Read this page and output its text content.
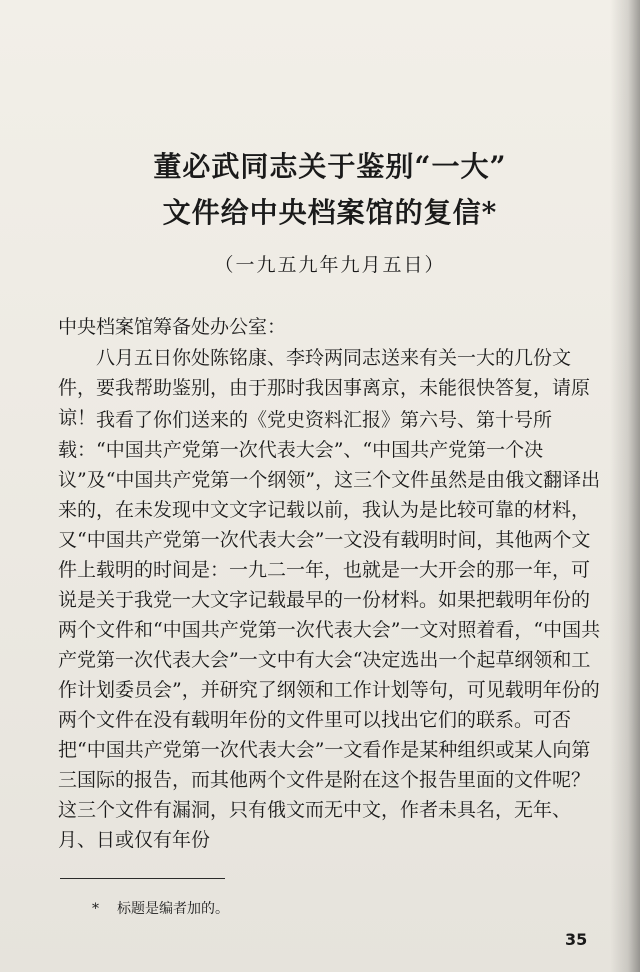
董必武同志关于鉴别“一大”
文件给中央档案馆的复信*
（一九五九年九月五日）
中央档案馆筹备处办公室：
八月五日你处陈铭康、李玲两同志送来有关一大的几份文件，要我帮助鉴别，由于那时我因事离京，未能很快答复，请原谅！ 我看了你们送来的《党史资料汇报》第六号、第十号所载：“中国共产党第一次代表大会”、“中国共产党第一个决议”及“中国共产党第一个纲领”，这三个文件虽然是由俄文翻译出来的，在未发现中文文字记载以前，我认为是比较可靠的材料，又“中国共产党第一次代表大会”一文没有载明时间，其他两个文件上载明的时间是：一九二一年，也就是一大开会的那一年，可说是关于我党一大文字记载最早的一份材料。如果把载明年份的两个文件和“中国共产党第一次代表大会”一文对照着看，“中国共产党第一次代表大会”一文中有大会“决定选出一个起草纲领和工作计划委员会”，并研究了纲领和工作计划等句，可见载明年份的两个文件在没有载明年份的文件里可以找出它们的联系。可否把“中国共产党第一次代表大会”一文看作是某种组织或某人向第三国际的报告，而其他两个文件是附在这个报告里面的文件呢？这三个文件有漏洞，只有俄文而无中文，作者未具名，无年、月、日或仅有年份
* 标题是编者加的。
35
